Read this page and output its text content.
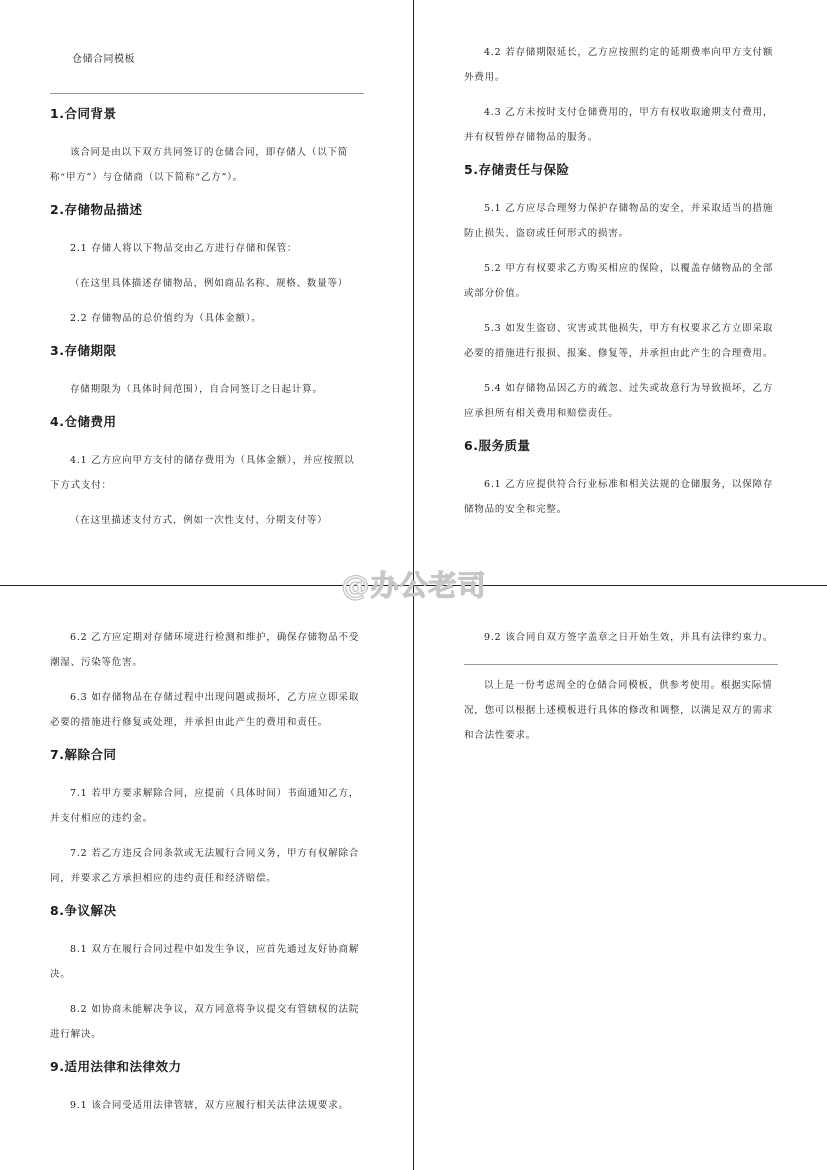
仓储合同模板
1.合同背景

该合同是由以下双方共同签订的仓储合同，即存储人（以下简称“甲方”）与仓储商（以下简称“乙方”）。

2.存储物品描述

2.1 存储人将以下物品交由乙方进行存储和保管：

（在这里具体描述存储物品，例如商品名称、规格、数量等）

2.2 存储物品的总价值约为（具体金额）。

3.存储期限

存储期限为（具体时间范围），自合同签订之日起计算。

4.仓储费用

4.1 乙方应向甲方支付的储存费用为（具体金额），并应按照以下方式支付：

（在这里描述支付方式，例如一次性支付、分期支付等）

4.2 若存储期限延长，乙方应按照约定的延期费率向甲方支付额外费用。

4.3 乙方未按时支付仓储费用的，甲方有权收取逾期支付费用，并有权暂停存储物品的服务。

5.存储责任与保险

5.1 乙方应尽合理努力保护存储物品的安全，并采取适当的措施防止损失、盗窃或任何形式的损害。

5.2 甲方有权要求乙方购买相应的保险，以覆盖存储物品的全部或部分价值。

5.3 如发生盗窃、灾害或其他损失，甲方有权要求乙方立即采取必要的措施进行报损、报案、修复等，并承担由此产生的合理费用。

5.4 如存储物品因乙方的疏忽、过失或故意行为导致损坏，乙方应承担所有相关费用和赔偿责任。

6.服务质量

6.1 乙方应提供符合行业标准和相关法规的仓储服务，以保障存储物品的安全和完整。

6.2 乙方应定期对存储环境进行检测和维护，确保存储物品不受潮湿、污染等危害。

6.3 如存储物品在存储过程中出现问题或损坏，乙方应立即采取必要的措施进行修复或处理，并承担由此产生的费用和责任。

7.解除合同

7.1 若甲方要求解除合同，应提前（具体时间）书面通知乙方，并支付相应的违约金。

7.2 若乙方违反合同条款或无法履行合同义务，甲方有权解除合同，并要求乙方承担相应的违约责任和经济赔偿。

8.争议解决

8.1 双方在履行合同过程中如发生争议，应首先通过友好协商解决。

8.2 如协商未能解决争议，双方同意将争议提交有管辖权的法院进行解决。

9.适用法律和法律效力

9.1 该合同受适用法律管辖，双方应履行相关法律法规要求。

9.2 该合同自双方签字盖章之日开始生效，并具有法律约束力。

以上是一份考虑周全的仓储合同模板，供参考使用。根据实际情况，您可以根据上述模板进行具体的修改和调整，以满足双方的需求和合法性要求。

@办公老司
